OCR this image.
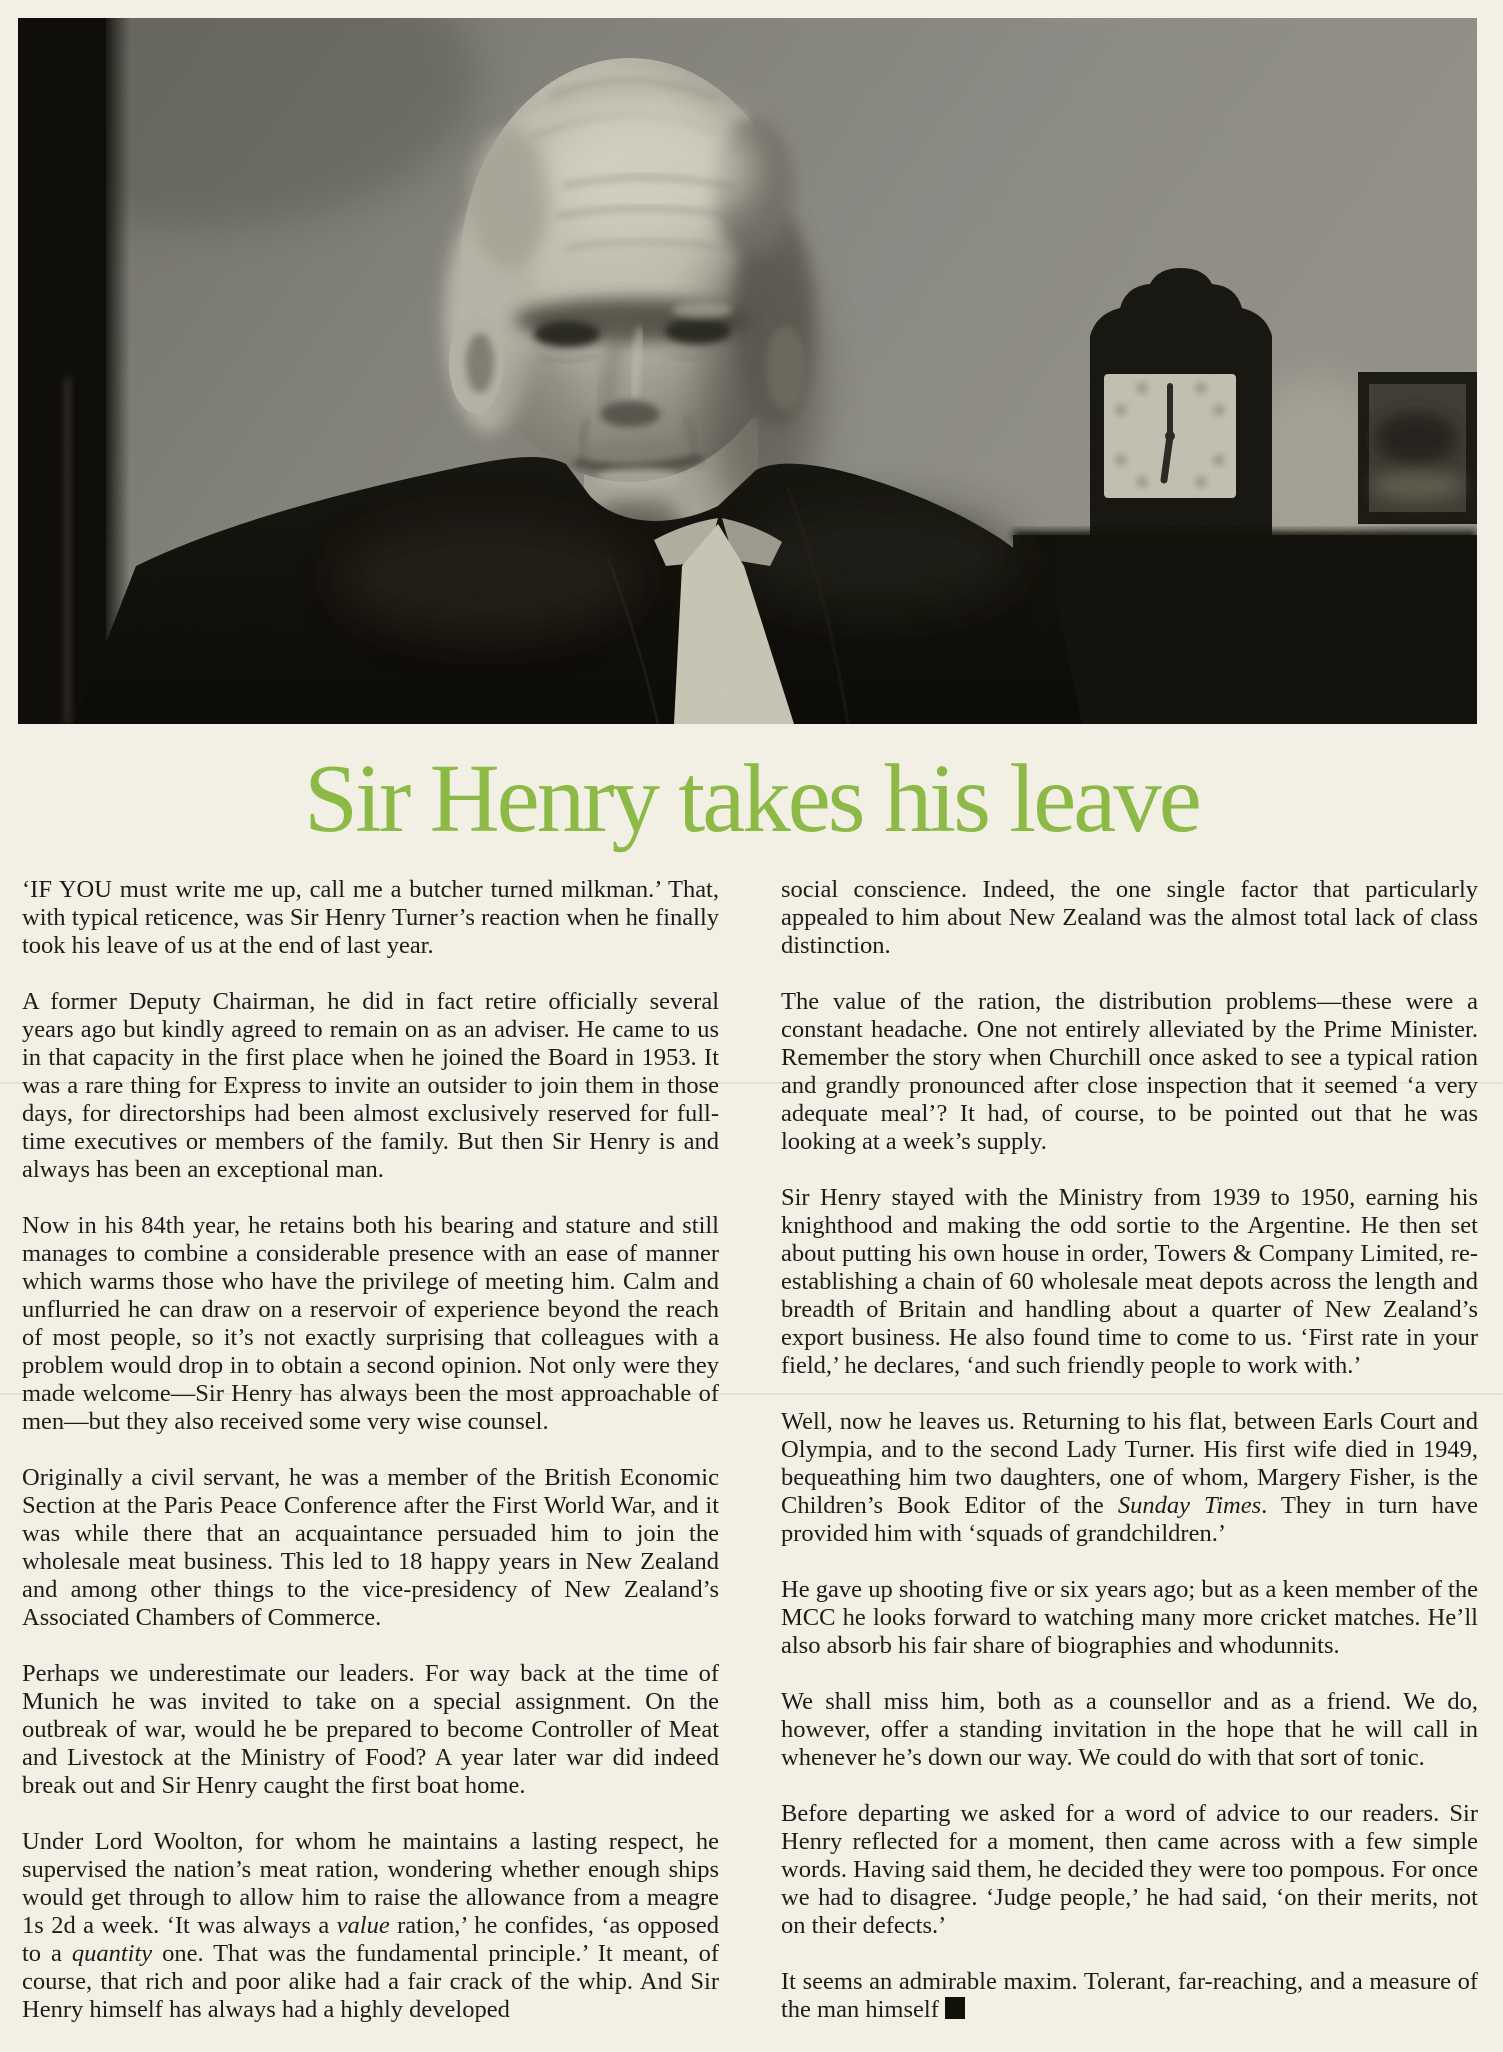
Sir Henry takes his leave

‘IF YOU must write me up, call me a butcher turned milkman.’ That, with typical reticence, was Sir Henry Turner’s reaction when he finally took his leave of us at the end of last year.

A former Deputy Chairman, he did in fact retire officially several years ago but kindly agreed to remain on as an adviser. He came to us in that capacity in the first place when he joined the Board in 1953. It was a rare thing for Express to invite an outsider to join them in those days, for directorships had been almost exclusively reserved for full-time executives or members of the family. But then Sir Henry is and always has been an exceptional man.

Now in his 84th year, he retains both his bearing and stature and still manages to combine a considerable presence with an ease of manner which warms those who have the privilege of meeting him. Calm and unflurried he can draw on a reservoir of experience beyond the reach of most people, so it’s not exactly surprising that colleagues with a problem would drop in to obtain a second opinion. Not only were they made welcome—Sir Henry has always been the most approachable of men—but they also received some very wise counsel.

Originally a civil servant, he was a member of the British Economic Section at the Paris Peace Conference after the First World War, and it was while there that an acquaintance persuaded him to join the wholesale meat business. This led to 18 happy years in New Zealand and among other things to the vice-presidency of New Zealand’s Associated Chambers of Commerce.

Perhaps we underestimate our leaders. For way back at the time of Munich he was invited to take on a special assignment. On the outbreak of war, would he be prepared to become Controller of Meat and Livestock at the Ministry of Food? A year later war did indeed break out and Sir Henry caught the first boat home.

Under Lord Woolton, for whom he maintains a lasting respect, he supervised the nation’s meat ration, wondering whether enough ships would get through to allow him to raise the allowance from a meagre 1s 2d a week. ‘It was always a value ration,’ he confides, ‘as opposed to a quantity one. That was the fundamental principle.’ It meant, of course, that rich and poor alike had a fair crack of the whip. And Sir Henry himself has always had a highly developed

social conscience. Indeed, the one single factor that particularly appealed to him about New Zealand was the almost total lack of class distinction.

The value of the ration, the distribution problems—these were a constant headache. One not entirely alleviated by the Prime Minister. Remember the story when Churchill once asked to see a typical ration and grandly pronounced after close inspection that it seemed ‘a very adequate meal’? It had, of course, to be pointed out that he was looking at a week’s supply.

Sir Henry stayed with the Ministry from 1939 to 1950, earning his knighthood and making the odd sortie to the Argentine. He then set about putting his own house in order, Towers & Company Limited, re-establishing a chain of 60 wholesale meat depots across the length and breadth of Britain and handling about a quarter of New Zealand’s export business. He also found time to come to us. ‘First rate in your field,’ he declares, ‘and such friendly people to work with.’

Well, now he leaves us. Returning to his flat, between Earls Court and Olympia, and to the second Lady Turner. His first wife died in 1949, bequeathing him two daughters, one of whom, Margery Fisher, is the Children’s Book Editor of the Sunday Times. They in turn have provided him with ‘squads of grandchildren.’

He gave up shooting five or six years ago; but as a keen member of the MCC he looks forward to watching many more cricket matches. He’ll also absorb his fair share of biographies and whodunnits.

We shall miss him, both as a counsellor and as a friend. We do, however, offer a standing invitation in the hope that he will call in whenever he’s down our way. We could do with that sort of tonic.

Before departing we asked for a word of advice to our readers. Sir Henry reflected for a moment, then came across with a few simple words. Having said them, he decided they were too pompous. For once we had to disagree. ‘Judge people,’ he had said, ‘on their merits, not on their defects.’

It seems an admirable maxim. Tolerant, far-reaching, and a measure of the man himself
